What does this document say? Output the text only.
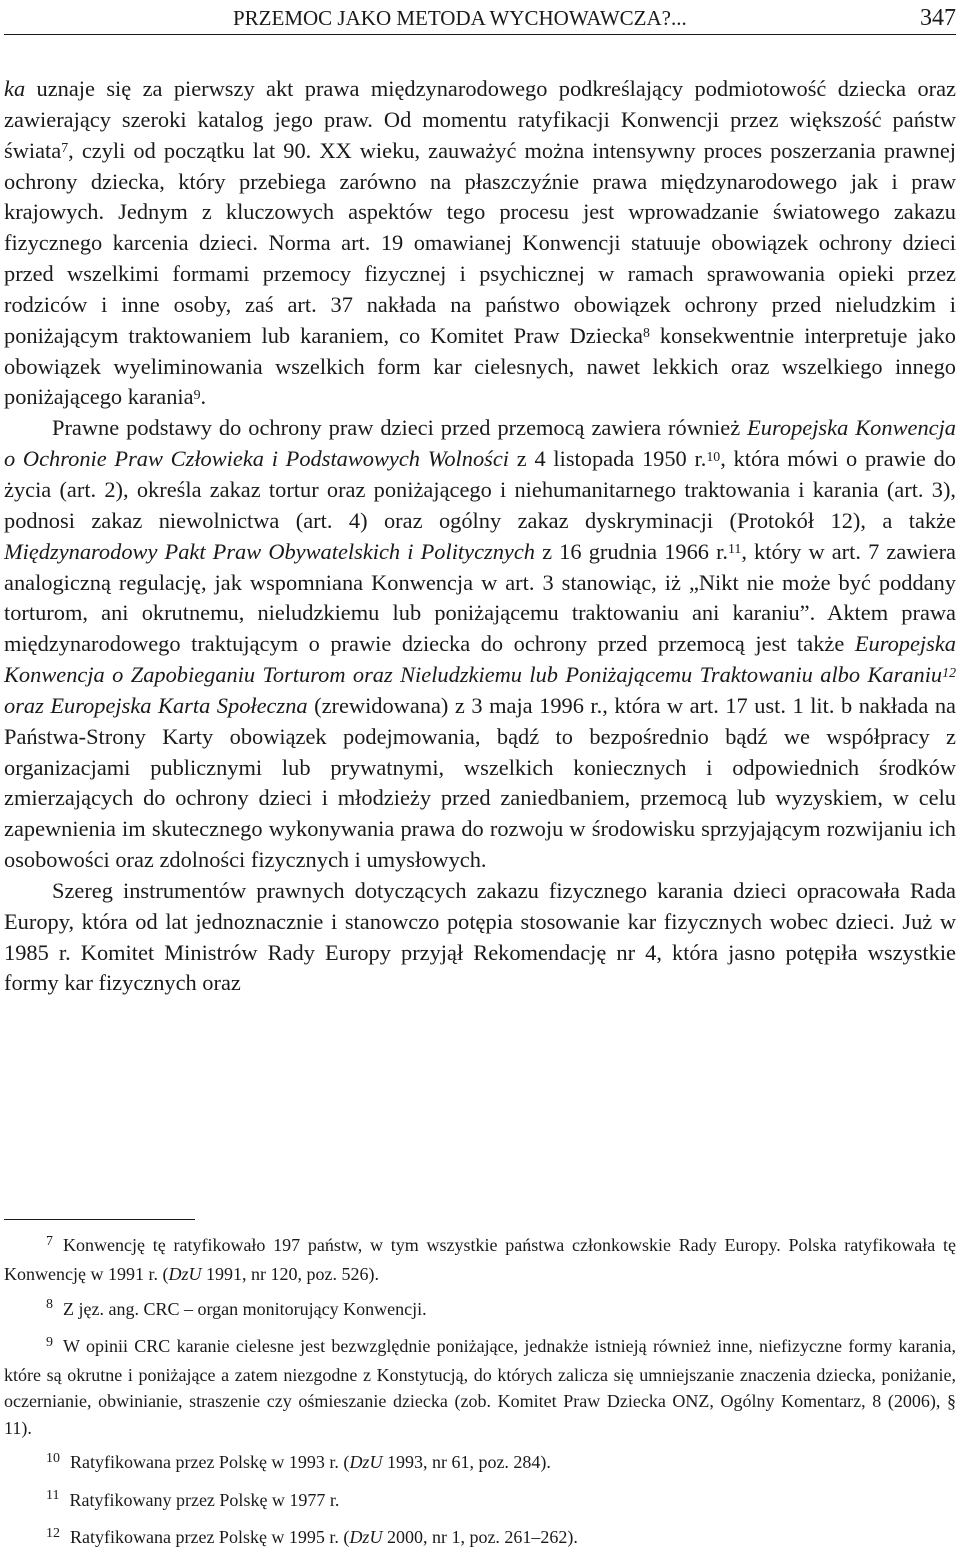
PRZEMOC JAKO METODA WYCHOWAWCZA?...	347

ka uznaje się za pierwszy akt prawa międzynarodowego podkreślający podmiotowość dziecka oraz zawierający szeroki katalog jego praw. Od momentu ratyfikacji Konwencji przez większość państw świata$^7$, czyli od początku lat 90. XX wieku, zauważyć można intensywny proces poszerzania prawnej ochrony dziecka, który przebiega zarówno na płaszczyźnie prawa międzynarodowego jak i praw krajowych. Jednym z kluczowych aspektów tego procesu jest wprowadzanie światowego zakazu fizycznego karcenia dzieci. Norma art. 19 omawianej Konwencji statuuje obowiązek ochrony dzieci przed wszelkimi formami przemocy fizycznej i psychicznej w ramach sprawowania opieki przez rodziców i inne osoby, zaś art. 37 nakłada na państwo obowiązek ochrony przed nieludzkim i poniżającym traktowaniem lub karaniem, co Komitet Praw Dziecka$^8$ konsekwentnie interpretuje jako obowiązek wyeliminowania wszelkich form kar cielesnych, nawet lekkich oraz wszelkiego innego poniżającego karania$^9$.

Prawne podstawy do ochrony praw dzieci przed przemocą zawiera również Europejska Konwencja o Ochronie Praw Człowieka i Podstawowych Wolności z 4 listopada 1950 r.$^{10}$, która mówi o prawie do życia (art. 2), określa zakaz tortur oraz poniżającego i niehumanitarnego traktowania i karania (art. 3), podnosi zakaz niewolnictwa (art. 4) oraz ogólny zakaz dyskryminacji (Protokół 12), a także Międzynarodowy Pakt Praw Obywatelskich i Politycznych z 16 grudnia 1966 r.$^{11}$, który w art. 7 zawiera analogiczną regulację, jak wspomniana Konwencja w art. 3 stanowiąc, iż „Nikt nie może być poddany torturom, ani okrutnemu, nieludzkiemu lub poniżającemu traktowaniu ani karaniu”. Aktem prawa międzynarodowego traktującym o prawie dziecka do ochrony przed przemocą jest także Europejska Konwencja o Zapobieganiu Torturom oraz Nieludzkiemu lub Poniżającemu Traktowaniu albo Karaniu$^{12}$ oraz Europejska Karta Społeczna (zrewidowana) z 3 maja 1996 r., która w art. 17 ust. 1 lit. b nakłada na Państwa-Strony Karty obowiązek podejmowania, bądź to bezpośrednio bądź we współpracy z organizacjami publicznymi lub prywatnymi, wszelkich koniecznych i odpowiednich środków zmierzających do ochrony dzieci i młodzieży przed zaniedbaniem, przemocą lub wyzyskiem, w celu zapewnienia im skutecznego wykonywania prawa do rozwoju w środowisku sprzyjającym rozwijaniu ich osobowości oraz zdolności fizycznych i umysłowych.

Szereg instrumentów prawnych dotyczących zakazu fizycznego karania dzieci opracowała Rada Europy, która od lat jednoznacznie i stanowczo potępia stosowanie kar fizycznych wobec dzieci. Już w 1985 r. Komitet Ministrów Rady Europy przyjął Rekomendację nr 4, która jasno potępiła wszystkie formy kar fizycznych oraz

$^7$ Konwencję tę ratyfikowało 197 państw, w tym wszystkie państwa członkowskie Rady Europy. Polska ratyfikowała tę Konwencję w 1991 r. (DzU 1991, nr 120, poz. 526).

$^8$ Z jęz. ang. CRC – organ monitorujący Konwencji.

$^9$ W opinii CRC karanie cielesne jest bezwzględnie poniżające, jednakże istnieją również inne, niefizyczne formy karania, które są okrutne i poniżające a zatem niezgodne z Konstytucją, do których zalicza się umniejszanie znaczenia dziecka, poniżanie, oczernianie, obwinianie, straszenie czy ośmieszanie dziecka (zob. Komitet Praw Dziecka ONZ, Ogólny Komentarz, 8 (2006), § 11).

$^{10}$ Ratyfikowana przez Polskę w 1993 r. (DzU 1993, nr 61, poz. 284).

$^{11}$ Ratyfikowany przez Polskę w 1977 r.

$^{12}$ Ratyfikowana przez Polskę w 1995 r. (DzU 2000, nr 1, poz. 261–262).
